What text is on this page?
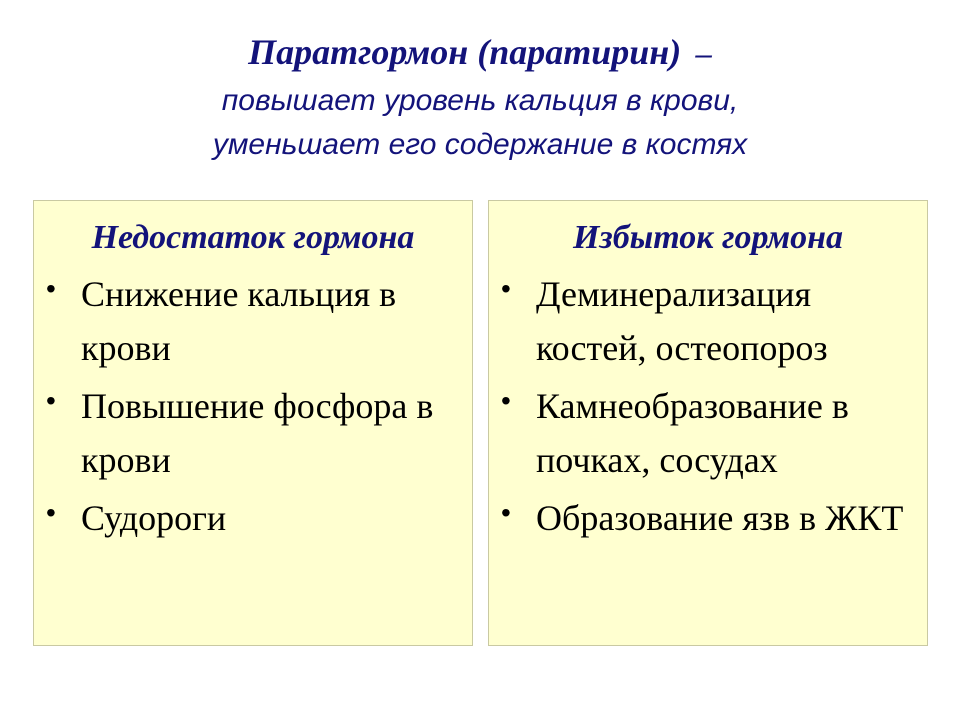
Паратгормон (паратирин) –

повышает уровень кальция в крови,

уменьшает его содержание в костях

Недостаток гормона
• Снижение кальция в крови
• Повышение фосфора в крови
• Судороги
Избыток гормона
• Деминерализация костей, остеопороз
• Камнеобразование в почках, сосудах
• Образование язв в ЖКТ
